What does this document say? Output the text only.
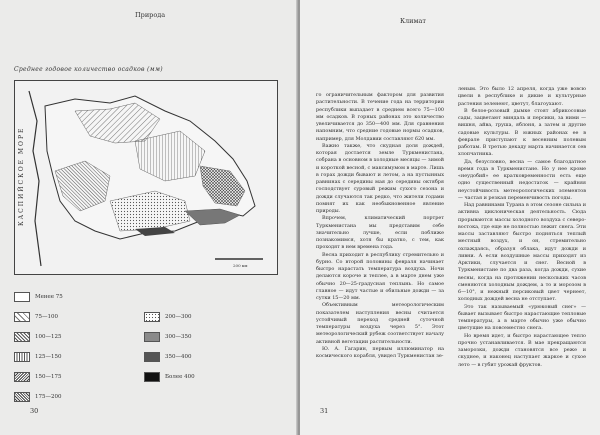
Природа
Среднее годовое количество осадков (мм)
КАСПИЙСКОЕ МОРЕ
200 км
Менее 75
75—100
100—125
125—150
150—175
175—200
200—300
300—350
350—400
Более 400
30
Климат

го ограничительным фактором для развития растительности. В течение года на территории республики выпадает в среднем всего 75—100 мм осадков. В горных районах это количество увеличивается до 350—400 мм. Для сравнения напомним, что средние годовые нормы осадков, например, для Молдавии составляют 620 мм.

Важно также, что скудная доля дождей, которая достается земле Туркменистана, собрана в основном в холодные месяцы — зимой и короткой весной, с максимумом в марте. Лишь в горах дожди бывают и летом, а на пустынных равнинах с середины мая до середины октября господствует суровый режим сухого сезона и дожди случаются так редко, что жители годами помнят их как необыкновенное явление природы.

Впрочем, климатический портрет Туркменистана мы представим себе значительно лучше, если поближе познакомимся, хотя бы кратко, с тем, как проходят в нем времена года.

Весна приходит в республику стремительно и бурно. Со второй половины февраля начинает быстро нарастать температура воздуха. Ночи делаются короче и теплее, а в марте днем уже обычно 20—25-градусная теплынь. Но самое главное — идут частые и обильные дожди — за сутки 15—20 мм.

Объективным метеорологическим показателем наступления весны считается устойчивый переход средней суточной температуры воздуха через 5°. Этот метеорологический рубеж соответствует началу активной вегетации растительности.

Ю. А. Гагарин, первым иллюминатор на космического корабля, увидел Туркменистан зе-

леным. Это было 12 апреля, когда уже вовсю цвели в республике и дикие и культурные растения зеленеют, цветут, благоухают.

В белое-розовый дымке стоят абрикосовые сады, зацветают миндаль и персики, за ними — вишня, айва, груша, яблоня, а затем и другие садовые культуры. В южных районах ее в феврале приступают к весенним полевым работам. В третью декаду марта начинается сев хлопчатника.

Да, безусловно, весна — самое благодатное время года в Туркменистане. Но у нее кроме «неудобий» ее кратковременности есть еще одно существенный недостаток — крайняя неустойчивость метеорологических элементов — частая и резкая переменчивость погоды.

Над равнинами Турана в этом сезоне сильна и активна циклоническая деятельность. Сюда прорываются массы холодного воздуха с северо-востока, где еще не полностью лежит снега. Эти массы заставляют быстро подняться теплый местный воздух, и он, стремительно охлаждаясь, образуя облака, идут дожди и ливни. А если воздушные массы приходят из Арктики, случается и снег. Весной в Туркменистане по два раза, когда дожди, сухие весны, когда на протяжении нескольких часов сменяются холодным дождем, а то и морозом в 6—10°, и нежный персиковый цвет чернеет, холодных дождей весна не отступает.

Это так называемый «урюковый снег» — бывает вызывает быстро нарастающие тепловые температуры, а в марте обычно уже обычно цветущие на повсеместно снега.

Но время идет, и быстро нарастающее тепло прочно устанавливается. В мае прекращаются заморозки, дожди становятся все реже и скуднее, и наконец наступает жаркое и сухое лето — в губит урожай фруктов.

31
